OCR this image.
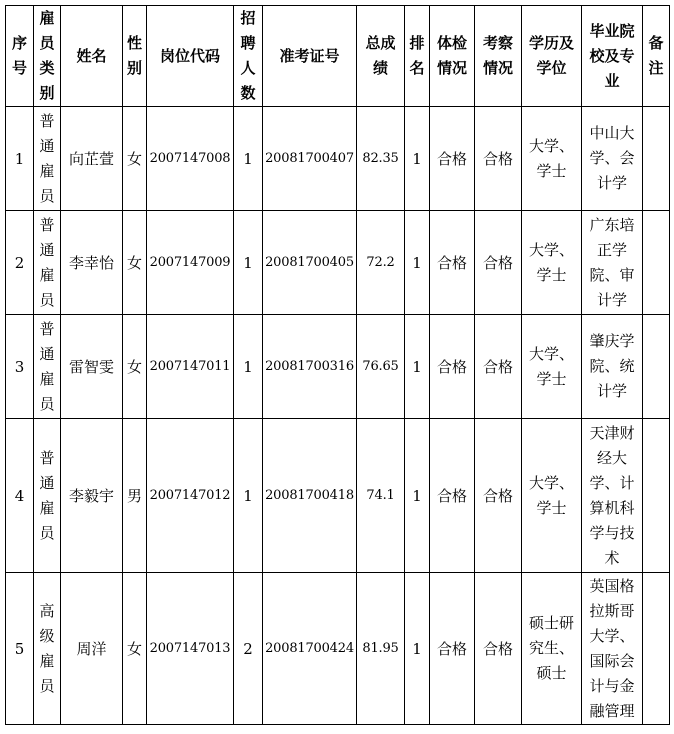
序号	雇员类别	姓名	性别	岗位代码	招聘人数	准考证号	总成绩	排名	体检情况	考察情况	学历及学位	毕业院校及专业	备注
1	普通雇员	向芷萱	女	2007147008	1	20081700407	82.35	1	合格	合格	大学、学士	中山大学、会计学	
2	普通雇员	李幸怡	女	2007147009	1	20081700405	72.2	1	合格	合格	大学、学士	广东培正学院、审计学	
3	普通雇员	雷智雯	女	2007147011	1	20081700316	76.65	1	合格	合格	大学、学士	肇庆学院、统计学	
4	普通雇员	李毅宇	男	2007147012	1	20081700418	74.1	1	合格	合格	大学、学士	天津财经大学、计算机科学与技术	
5	高级雇员	周洋	女	2007147013	2	20081700424	81.95	1	合格	合格	硕士研究生、硕士	英国格拉斯哥大学、国际会计与金融管理	
